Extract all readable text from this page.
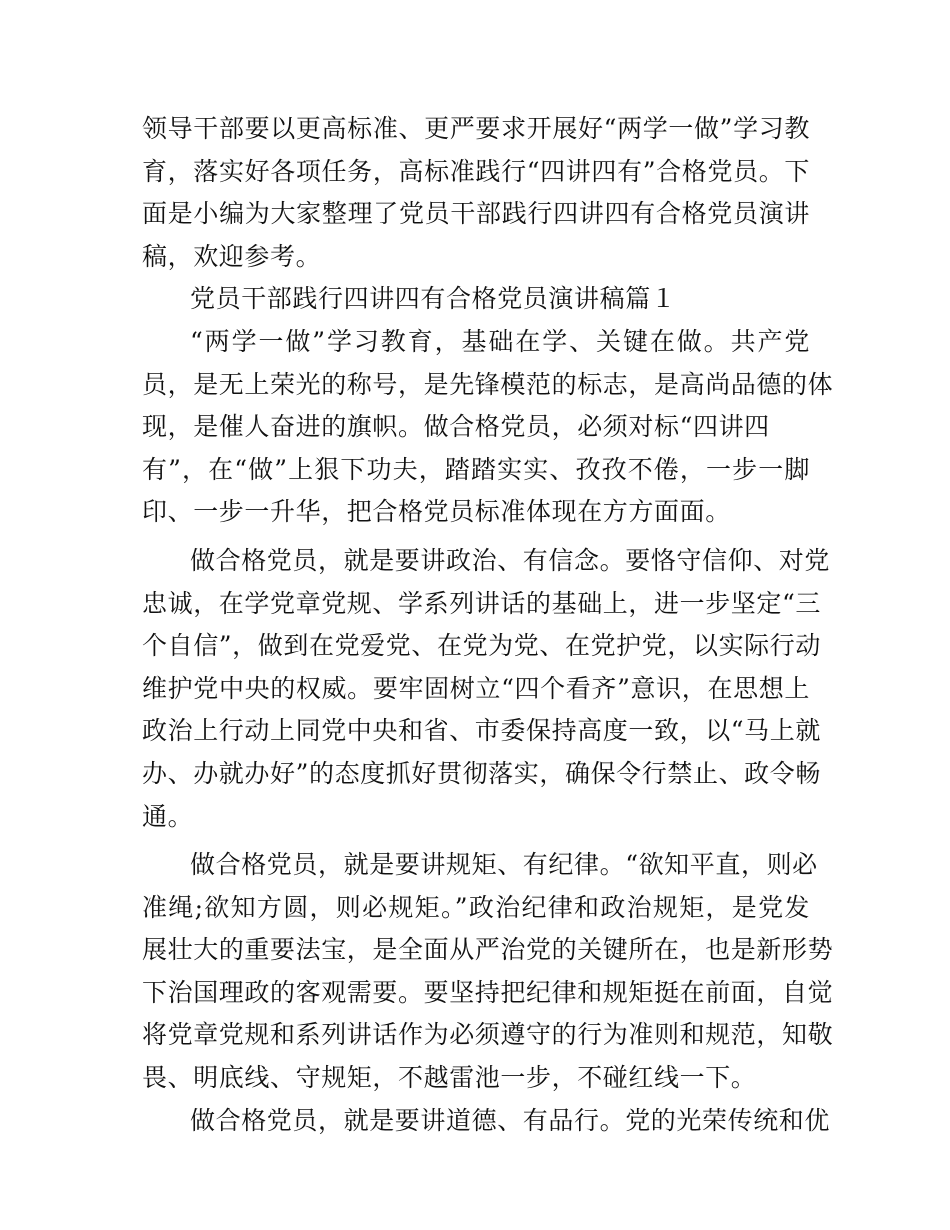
领导干部要以更高标准、更严要求开展好“两学一做”学习教
育，落实好各项任务，高标准践行“四讲四有”合格党员。下
面是小编为大家整理了党员干部践行四讲四有合格党员演讲
稿，欢迎参考。
党员干部践行四讲四有合格党员演讲稿篇１
“两学一做”学习教育，基础在学、关键在做。共产党
员，是无上荣光的称号，是先锋模范的标志，是高尚品德的体
现，是催人奋进的旗帜。做合格党员，必须对标“四讲四
有”，在“做”上狠下功夫，踏踏实实、孜孜不倦，一步一脚
印、一步一升华，把合格党员标准体现在方方面面。
做合格党员，就是要讲政治、有信念。要恪守信仰、对党
忠诚，在学党章党规、学系列讲话的基础上，进一步坚定“三
个自信”，做到在党爱党、在党为党、在党护党，以实际行动
维护党中央的权威。要牢固树立“四个看齐”意识，在思想上
政治上行动上同党中央和省、市委保持高度一致，以“马上就
办、办就办好”的态度抓好贯彻落实，确保令行禁止、政令畅
通。
做合格党员，就是要讲规矩、有纪律。“欲知平直，则必
准绳;欲知方圆，则必规矩。”政治纪律和政治规矩，是党发
展壮大的重要法宝，是全面从严治党的关键所在，也是新形势
下治国理政的客观需要。要坚持把纪律和规矩挺在前面，自觉
将党章党规和系列讲话作为必须遵守的行为准则和规范，知敬
畏、明底线、守规矩，不越雷池一步，不碰红线一下。
做合格党员，就是要讲道德、有品行。党的光荣传统和优
